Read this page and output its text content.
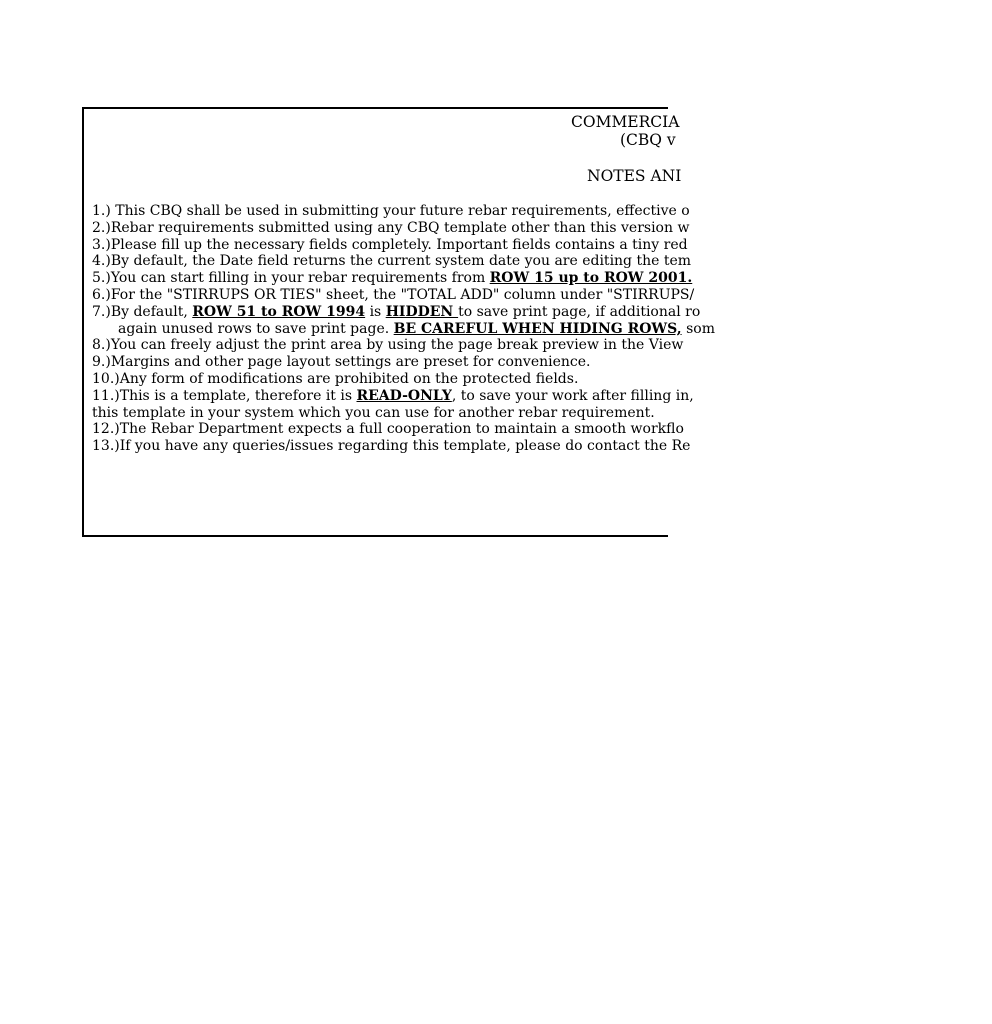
COMMERCIA
(CBQ v
NOTES ANI
1.) This CBQ shall be used in submitting your future rebar requirements, effective o
2.)Rebar requirements submitted using any CBQ template other than this version w
3.)Please fill up the necessary fields completely. Important fields contains a tiny red
4.)By default, the Date field returns the current system date you are editing the tem
5.)You can start filling in your rebar requirements from ROW 15 up to ROW 2001.
6.)For the "STIRRUPS OR TIES" sheet, the "TOTAL ADD" column under "STIRRUPS/
7.)By default, ROW 51 to ROW 1994 is HIDDEN to save print page, if additional ro
again unused rows to save print page. BE CAREFUL WHEN HIDING ROWS, som
8.)You can freely adjust the print area by using the page break preview in the View
9.)Margins and other page layout settings are preset for convenience.
10.)Any form of modifications are prohibited on the protected fields.
11.)This is a template, therefore it is READ-ONLY, to save your work after filling in,
this template in your system which you can use for another rebar requirement.
12.)The Rebar Department expects a full cooperation to maintain a smooth workflo
13.)If you have any queries/issues regarding this template, please do contact the Re
